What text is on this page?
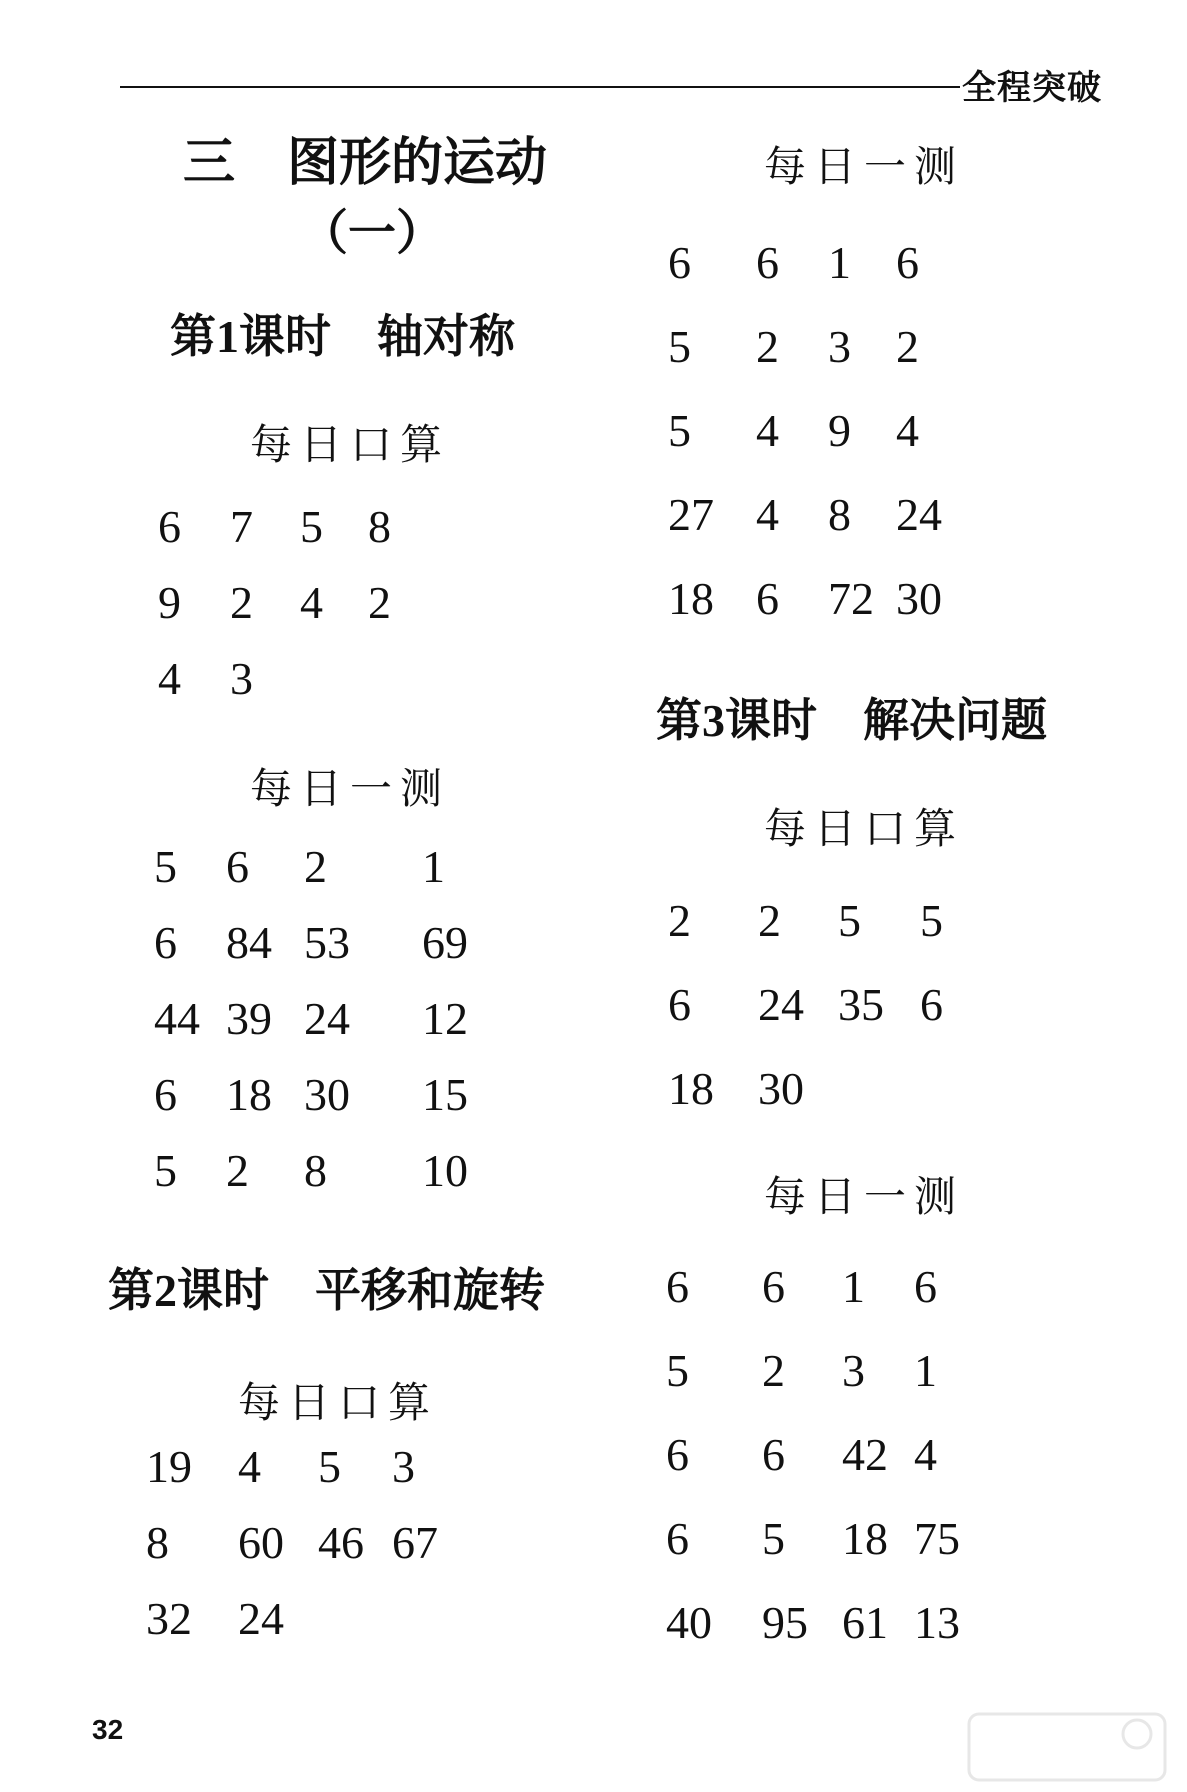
全程突破
三　图形的运动
（一）
第1课时　轴对称
每日口算
6 7 5 8
9 2 4 2
4 3
每日一测
5 6 2 1
6 84 53 69
44 39 24 12
6 18 30 15
5 2 8 10
第2课时　平移和旋转
每日口算
19 4 5 3
8 60 46 67
32 24
每日一测
6 6 1 6
5 2 3 2
5 4 9 4
27 4 8 24
18 6 72 30
第3课时　解决问题
每日口算
2 2 5 5
6 24 35 6
18 30
每日一测
6 6 1 6
5 2 3 1
6 6 42 4
6 5 18 75
40 95 61 13
32
